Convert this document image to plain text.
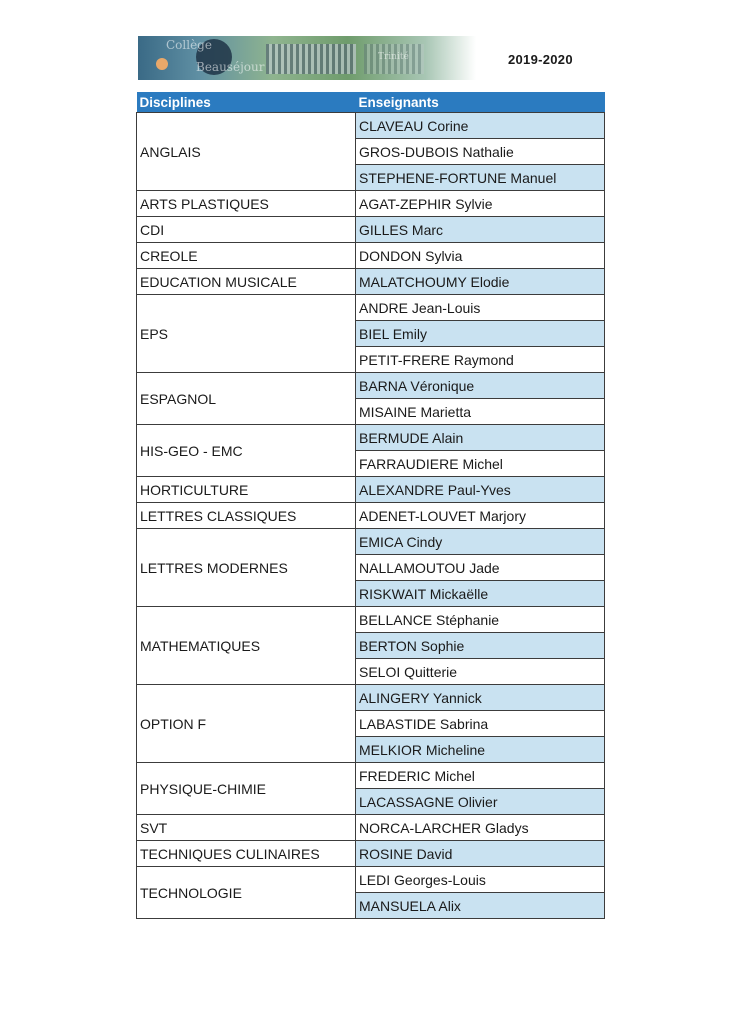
Collège
Beauséjour
Trinité	2019-2020
Disciplines	Enseignants
ANGLAIS	CLAVEAU Corine
	GROS-DUBOIS Nathalie
	STEPHENE-FORTUNE Manuel
ARTS PLASTIQUES	AGAT-ZEPHIR Sylvie
CDI	GILLES Marc
CREOLE	DONDON Sylvia
EDUCATION MUSICALE	MALATCHOUMY Elodie
EPS	ANDRE Jean-Louis
	BIEL Emily
	PETIT-FRERE Raymond
ESPAGNOL	BARNA Véronique
	MISAINE Marietta
HIS-GEO - EMC	BERMUDE Alain
	FARRAUDIERE Michel
HORTICULTURE	ALEXANDRE Paul-Yves
LETTRES CLASSIQUES	ADENET-LOUVET Marjory
LETTRES MODERNES	EMICA Cindy
	NALLAMOUTOU Jade
	RISKWAIT Mickaëlle
MATHEMATIQUES	BELLANCE Stéphanie
	BERTON Sophie
	SELOI Quitterie
OPTION F	ALINGERY Yannick
	LABASTIDE Sabrina
	MELKIOR Micheline
PHYSIQUE-CHIMIE	FREDERIC Michel
	LACASSAGNE Olivier
SVT	NORCA-LARCHER Gladys
TECHNIQUES CULINAIRES	ROSINE David
TECHNOLOGIE	LEDI Georges-Louis
	MANSUELA Alix
